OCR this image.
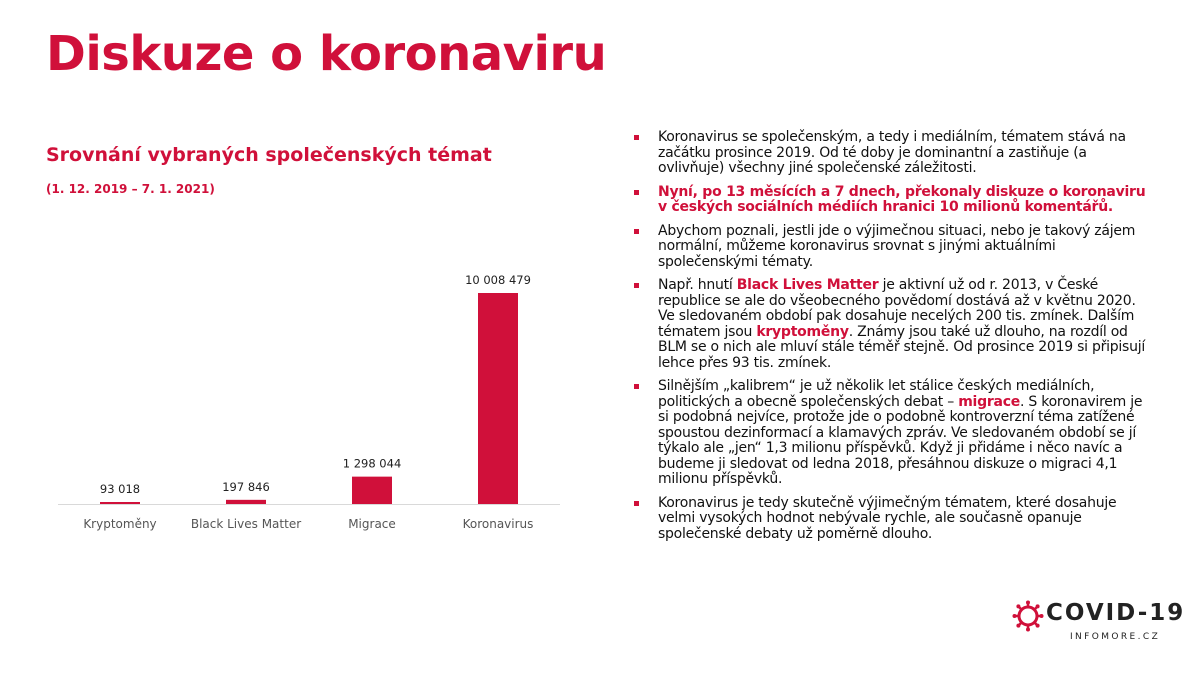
Diskuze o koronaviru
Srovnání vybraných společenských témat
(1. 12. 2019 – 7. 1. 2021)
93 018
Kryptoměny
197 846
Black Lives Matter
1 298 044
Migrace
10 008 479
Koronavirus
Koronavirus se společenským, a tedy i mediálním, tématem stává na začátku prosince 2019. Od té doby je dominantní a zastiňuje (a ovlivňuje) všechny jiné společenské záležitosti.
Nyní, po 13 měsících a 7 dnech, překonaly diskuze o koronaviru v českých sociálních médiích hranici 10 milionů komentářů.
Abychom poznali, jestli jde o výjimečnou situaci, nebo je takový zájem normální, můžeme koronavirus srovnat s jinými aktuálními společenskými tématy.
Např. hnutí Black Lives Matter je aktivní už od r. 2013, v České republice se ale do všeobecného povědomí dostává až v květnu 2020. Ve sledovaném období pak dosahuje necelých 200 tis. zmínek. Dalším tématem jsou kryptoměny. Známy jsou také už dlouho, na rozdíl od BLM se o nich ale mluví stále téměř stejně. Od prosince 2019 si připisují lehce přes 93 tis. zmínek.
Silnějším „kalibrem“ je už několik let stálice českých mediálních, politických a obecně společenských debat – migrace. S koronavirem je si podobná nejvíce, protože jde o podobně kontroverzní téma zatížené spoustou dezinformací a klamavých zpráv. Ve sledovaném období se jí týkalo ale „jen“ 1,3 milionu příspěvků. Když ji přidáme i něco navíc a budeme ji sledovat od ledna 2018, přesáhnou diskuze o migraci 4,1 milionu příspěvků.
Koronavirus je tedy skutečně výjimečným tématem, které dosahuje velmi vysokých hodnot nebývale rychle, ale současně opanuje společenské debaty už poměrně dlouho.
COVID-19
INFOMORE.CZ
